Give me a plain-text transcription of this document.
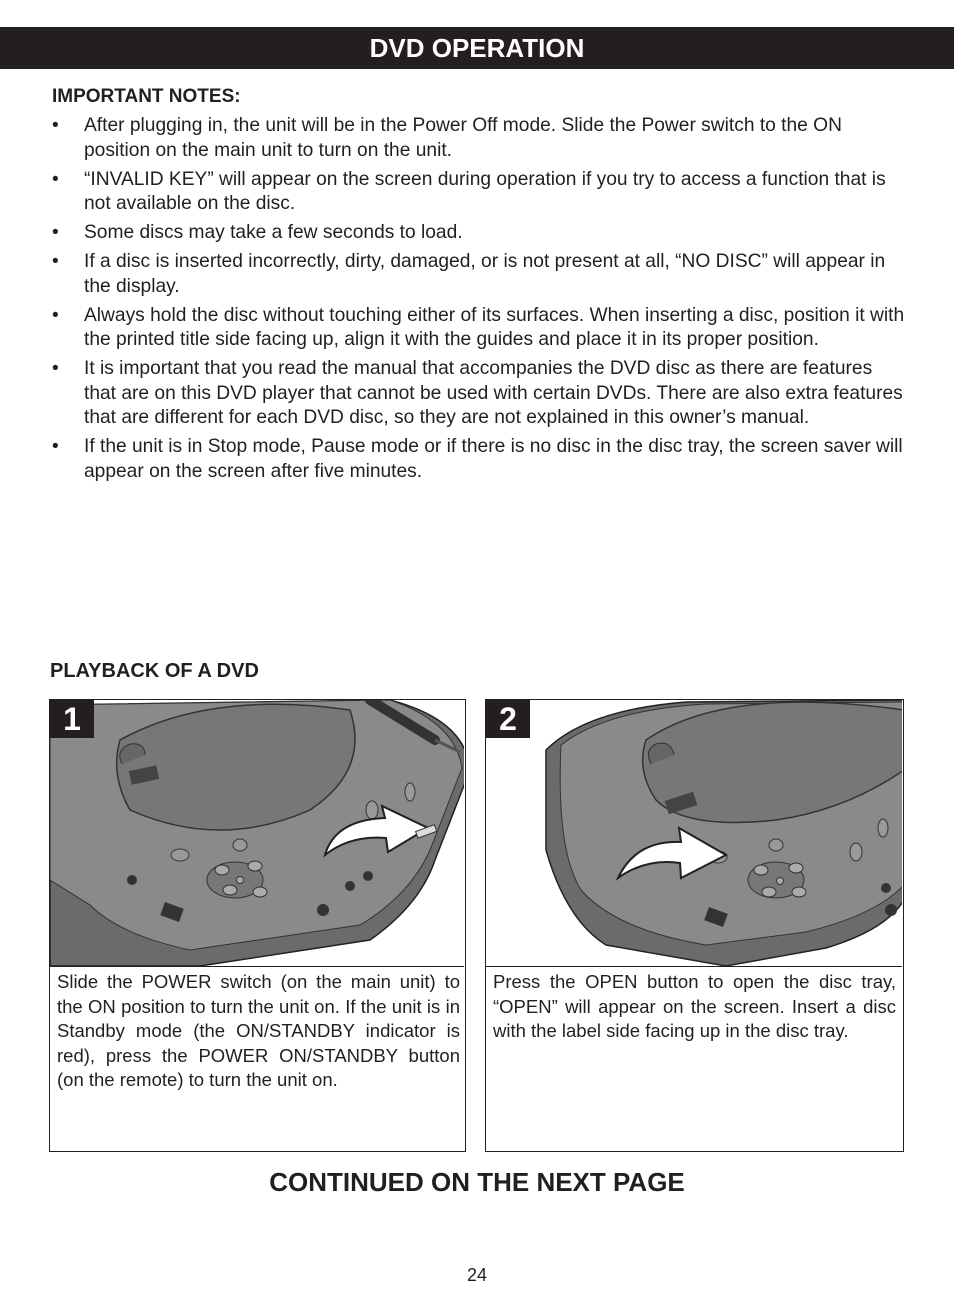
DVD OPERATION
IMPORTANT NOTES:
• After plugging in, the unit will be in the Power Off mode. Slide the Power switch to the ON position on the main unit to turn on the unit.
• “INVALID KEY” will appear on the screen during operation if you try to access a function that is not available on the disc.
• Some discs may take a few seconds to load.
• If a disc is inserted incorrectly, dirty, damaged, or is not present at all, “NO DISC” will appear in the display.
• Always hold the disc without touching either of its surfaces. When inserting a disc, position it with the printed title side facing up, align it with the guides and place it in its proper position.
• It is important that you read the manual that accompanies the DVD disc as there are features that are on this DVD player that cannot be used with certain DVDs. There are also extra features that are different for each DVD disc, so they are not explained in this owner’s manual.
• If the unit is in Stop mode, Pause mode or if there is no disc in the disc tray, the screen saver will appear on the screen after five minutes.
PLAYBACK OF A DVD
1
Slide the POWER switch (on the main unit) to the ON position to turn the unit on. If the unit is in Standby mode (the ON/STANDBY indicator is red), press the POWER ON/STANDBY button (on the remote) to turn the unit on.
2
Press the OPEN button to open the disc tray, “OPEN” will appear on the screen. Insert a disc with the label side facing up in the disc tray.
CONTINUED ON THE NEXT PAGE
24
